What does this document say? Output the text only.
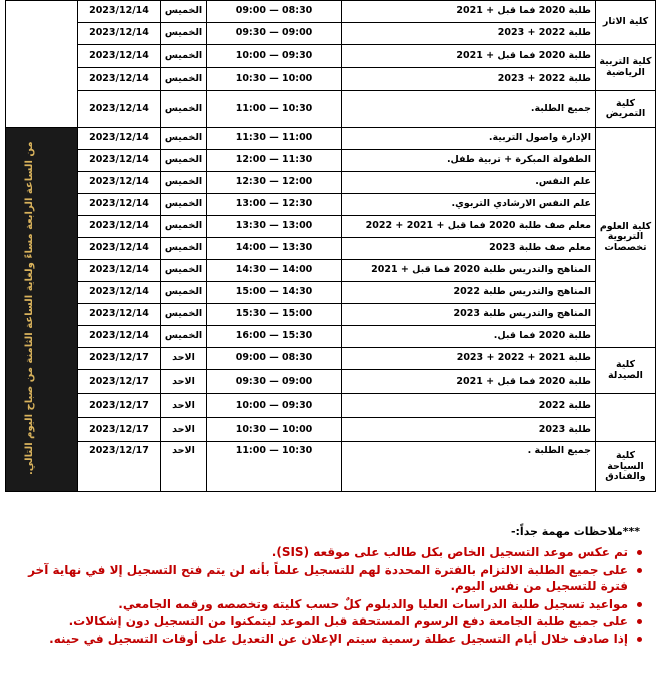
	2023/12/14	الخميس	09:00 — 08:30	طلبة 2020 فما قبل + 2021	كلية الاثار	

	2023/12/14	الخميس	09:30 — 09:00	طلبة 2022 + 2023		
	2023/12/14	الخميس	10:00 — 09:30	طلبة 2020 فما قبل + 2021	كلية التربية الرياضية	

	2023/12/14	الخميس	10:30 — 10:00	طلبة 2022 + 2023		
	2023/12/14	الخميس	11:00 — 10:30	جميع الطلبة.	كلية التمريض	

من الساعة الرابعة مساءً ولغاية الساعة الثامنة من صباح اليوم التالي.	2023/12/14	الخميس	11:30 — 11:00	الإدارة واصول التربية.	كلية العلوم التربوية تخصصات	

	2023/12/14	الخميس	12:00 — 11:30	الطفولة المبكرة + تربية طفل.		
	2023/12/14	الخميس	12:30 — 12:00	علم النفس.		
	2023/12/14	الخميس	13:00 — 12:30	علم النفس الارشادي التربوي.		
	2023/12/14	الخميس	13:30 — 13:00	معلم صف طلبة 2020 فما قبل + 2021 + 2022		
	2023/12/14	الخميس	14:00 — 13:30	معلم صف طلبة 2023		
	2023/12/14	الخميس	14:30 — 14:00	المناهج والتدريس طلبة 2020 فما قبل + 2021		
	2023/12/14	الخميس	15:00 — 14:30	المناهج والتدريس طلبة 2022		
	2023/12/14	الخميس	15:30 — 15:00	المناهج والتدريس طلبة 2023		
	2023/12/14	الخميس	16:00 — 15:30	طلبة 2020 فما قبل.		
	2023/12/17	الاحد	09:00 — 08:30	طلبة 2021 + 2022 + 2023	كلية الصيدلة	

	2023/12/17	الاحد	09:30 — 09:00	طلبة 2020 فما قبل + 2021	

	2023/12/17	الاحد	10:00 — 09:30	طلبة 2022		
	2023/12/17	الاحد	10:30 — 10:00	طلبة 2023		
	2023/12/17	الاحد	11:00 — 10:30	جميع الطلبة .	كلية السياحة والفنادق	
***ملاحظات مهمة جداً:-
تم عكس موعد التسجيل الخاص بكل طالب على موقعه (SIS).
على جميع الطلبة الالتزام بالفترة المحددة لهم للتسجيل علماً بأنه لن يتم فتح التسجيل إلا في نهاية آخر فترة للتسجيل من نفس اليوم.
مواعيد تسجيل طلبة الدراسات العليا والدبلوم كلٌ حسب كليته وتخصصه ورقمه الجامعي.
على جميع طلبة الجامعة دفع الرسوم المستحقة قبل الموعد ليتمكنوا من التسجيل دون إشكالات.
إذا صادف خلال أيام التسجيل عطلة رسمية سيتم الإعلان عن التعديل على أوقات التسجيل في حينه.
